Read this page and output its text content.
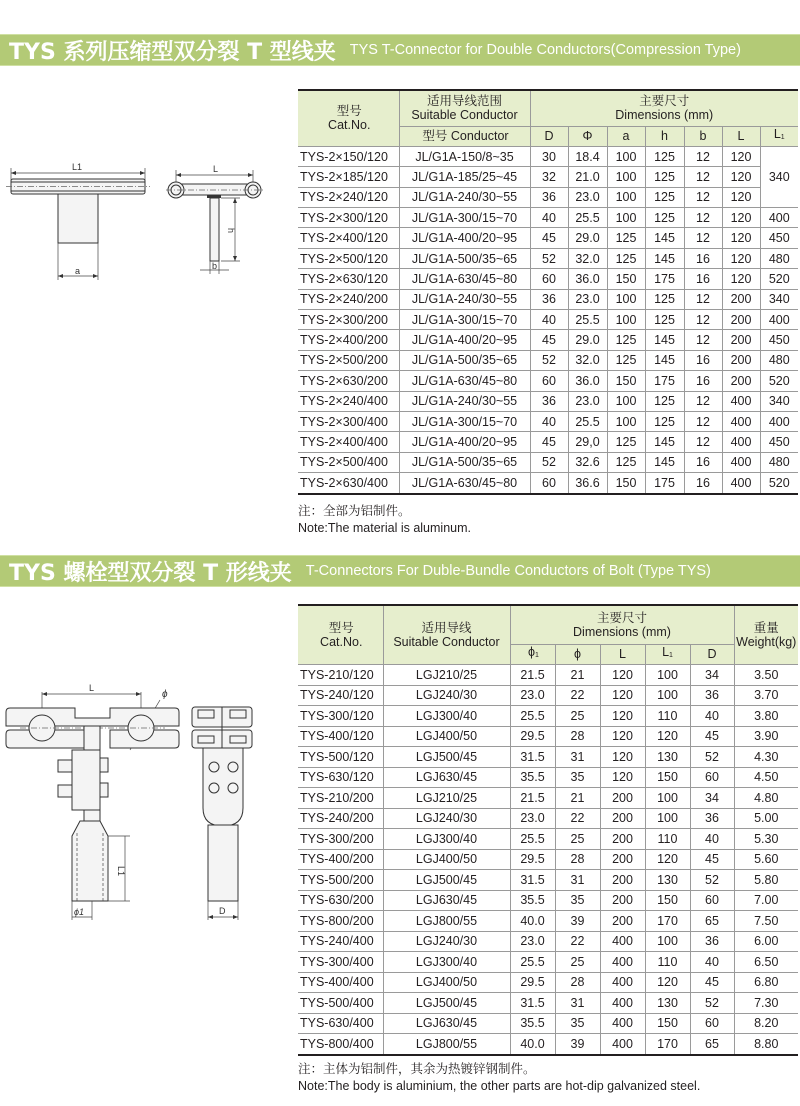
TYS 系列压缩型双分裂 T 型线夹 TYS T-Connector for Double Conductors(Compression Type)
L1
a
L
h
b
型号
Cat.No.	适用导线范围
Suitable Conductor	主要尺寸
Dimensions (mm)						
	型号 Conductor	D	Φ	a	h	b	L	L1
TYS-2×150/120	JL/G1A-150/8~35	30	18.4	100	125	12	120	340
TYS-2×185/120	JL/G1A-185/25~45	32	21.0	100	125	12	120	
TYS-2×240/120	JL/G1A-240/30~55	36	23.0	100	125	12	120	
TYS-2×300/120	JL/G1A-300/15~70	40	25.5	100	125	12	120	400
TYS-2×400/120	JL/G1A-400/20~95	45	29.0	125	145	12	120	450
TYS-2×500/120	JL/G1A-500/35~65	52	32.0	125	145	16	120	480
TYS-2×630/120	JL/G1A-630/45~80	60	36.0	150	175	16	120	520
TYS-2×240/200	JL/G1A-240/30~55	36	23.0	100	125	12	200	340
TYS-2×300/200	JL/G1A-300/15~70	40	25.5	100	125	12	200	400
TYS-2×400/200	JL/G1A-400/20~95	45	29.0	125	145	12	200	450
TYS-2×500/200	JL/G1A-500/35~65	52	32.0	125	145	16	200	480
TYS-2×630/200	JL/G1A-630/45~80	60	36.0	150	175	16	200	520
TYS-2×240/400	JL/G1A-240/30~55	36	23.0	100	125	12	400	340
TYS-2×300/400	JL/G1A-300/15~70	40	25.5	100	125	12	400	400
TYS-2×400/400	JL/G1A-400/20~95	45	29,0	125	145	12	400	450
TYS-2×500/400	JL/G1A-500/35~65	52	32.6	125	145	16	400	480
TYS-2×630/400	JL/G1A-630/45~80	60	36.6	150	175	16	400	520
注：全部为铝制件。
Note:The material is aluminum.
TYS 螺栓型双分裂 T 形线夹 T-Connectors For Duble-Bundle Conductors of Bolt (Type TYS)
L
ϕ
L1
ϕ1	D
型号
Cat.No.	适用导线
Suitable Conductor	主要尺寸
Dimensions (mm)					重量
Weight(kg)
		ϕ1	ϕ	L	L1	D	
TYS-210/120	LGJ210/25	21.5	21	120	100	34	3.50
TYS-240/120	LGJ240/30	23.0	22	120	100	36	3.70
TYS-300/120	LGJ300/40	25.5	25	120	110	40	3.80
TYS-400/120	LGJ400/50	29.5	28	120	120	45	3.90
TYS-500/120	LGJ500/45	31.5	31	120	130	52	4.30
TYS-630/120	LGJ630/45	35.5	35	120	150	60	4.50
TYS-210/200	LGJ210/25	21.5	21	200	100	34	4.80
TYS-240/200	LGJ240/30	23.0	22	200	100	36	5.00
TYS-300/200	LGJ300/40	25.5	25	200	110	40	5.30
TYS-400/200	LGJ400/50	29.5	28	200	120	45	5.60
TYS-500/200	LGJ500/45	31.5	31	200	130	52	5.80
TYS-630/200	LGJ630/45	35.5	35	200	150	60	7.00
TYS-800/200	LGJ800/55	40.0	39	200	170	65	7.50
TYS-240/400	LGJ240/30	23.0	22	400	100	36	6.00
TYS-300/400	LGJ300/40	25.5	25	400	110	40	6.50
TYS-400/400	LGJ400/50	29.5	28	400	120	45	6.80
TYS-500/400	LGJ500/45	31.5	31	400	130	52	7.30
TYS-630/400	LGJ630/45	35.5	35	400	150	60	8.20
TYS-800/400	LGJ800/55	40.0	39	400	170	65	8.80
注：主体为铝制件，其余为热镀锌钢制件。
Note:The body is aluminium, the other parts are hot-dip galvanized steel.
